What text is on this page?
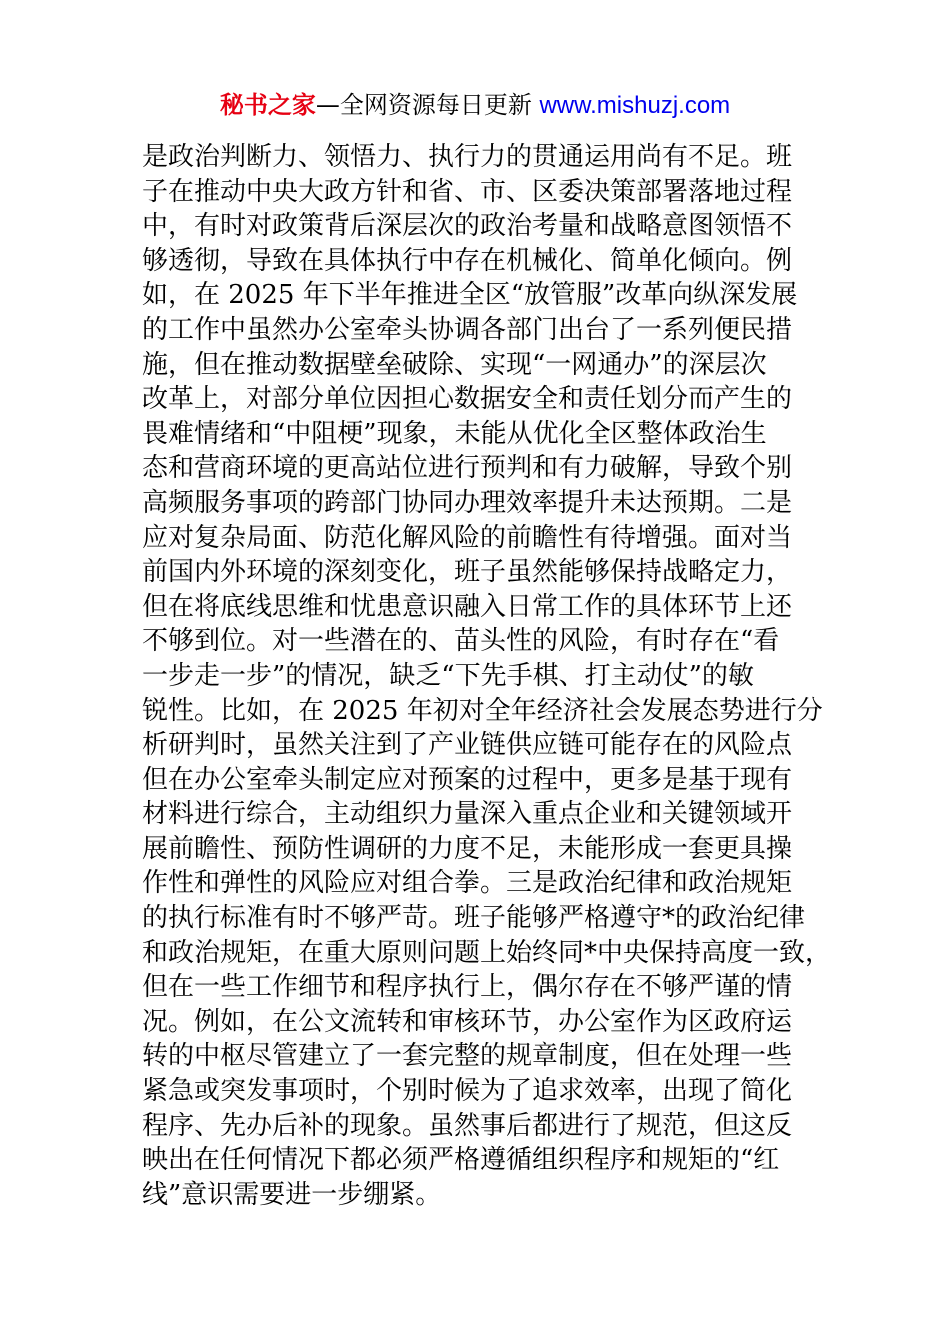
秘书之家—全网资源每日更新 www.mishuzj.com
是政治判断力、领悟力、执行力的贯通运用尚有不足。班
子在推动中央大政方针和省、市、区委决策部署落地过程
中，有时对政策背后深层次的政治考量和战略意图领悟不
够透彻，导致在具体执行中存在机械化、简单化倾向。例
如，在 2025 年下半年推进全区“放管服”改革向纵深发展
的工作中虽然办公室牵头协调各部门出台了一系列便民措
施，但在推动数据壁垒破除、实现“一网通办”的深层次
改革上，对部分单位因担心数据安全和责任划分而产生的
畏难情绪和“中阻梗”现象，未能从优化全区整体政治生
态和营商环境的更高站位进行预判和有力破解，导致个别
高频服务事项的跨部门协同办理效率提升未达预期。二是
应对复杂局面、防范化解风险的前瞻性有待增强。面对当
前国内外环境的深刻变化，班子虽然能够保持战略定力，
但在将底线思维和忧患意识融入日常工作的具体环节上还
不够到位。对一些潜在的、苗头性的风险，有时存在“看
一步走一步”的情况，缺乏“下先手棋、打主动仗”的敏
锐性。比如，在 2025 年初对全年经济社会发展态势进行分
析研判时，虽然关注到了产业链供应链可能存在的风险点
但在办公室牵头制定应对预案的过程中，更多是基于现有
材料进行综合，主动组织力量深入重点企业和关键领域开
展前瞻性、预防性调研的力度不足，未能形成一套更具操
作性和弹性的风险应对组合拳。三是政治纪律和政治规矩
的执行标准有时不够严苛。班子能够严格遵守*的政治纪律
和政治规矩，在重大原则问题上始终同*中央保持高度一致，
但在一些工作细节和程序执行上，偶尔存在不够严谨的情
况。例如，在公文流转和审核环节，办公室作为区政府运
转的中枢尽管建立了一套完整的规章制度，但在处理一些
紧急或突发事项时，个别时候为了追求效率，出现了简化
程序、先办后补的现象。虽然事后都进行了规范，但这反
映出在任何情况下都必须严格遵循组织程序和规矩的“红
线”意识需要进一步绷紧。
